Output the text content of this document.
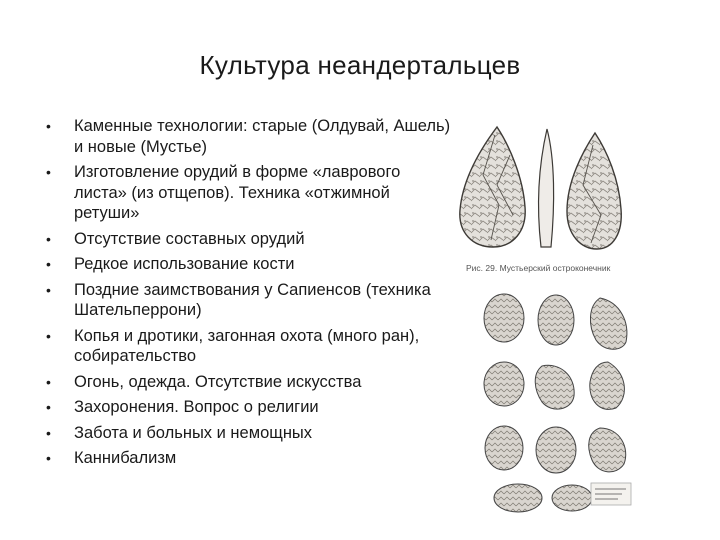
Культура неандертальцев
• Каменные технологии: старые (Олдувай, Ашель) и новые (Мустье)
• Изготовление орудий в форме «лаврового листа» (из отщепов). Техника «отжимной ретуши»
• Отсутствие составных орудий
• Редкое использование кости
• Поздние заимствования у Сапиенсов (техника Шательперрони)
• Копья и дротики, загонная охота (много ран), собирательство
• Огонь, одежда. Отсутствие искусства
• Захоронения. Вопрос о религии
• Забота и больных и немощных
• Каннибализм
Рис. 29. Мустьерский остроконечник
